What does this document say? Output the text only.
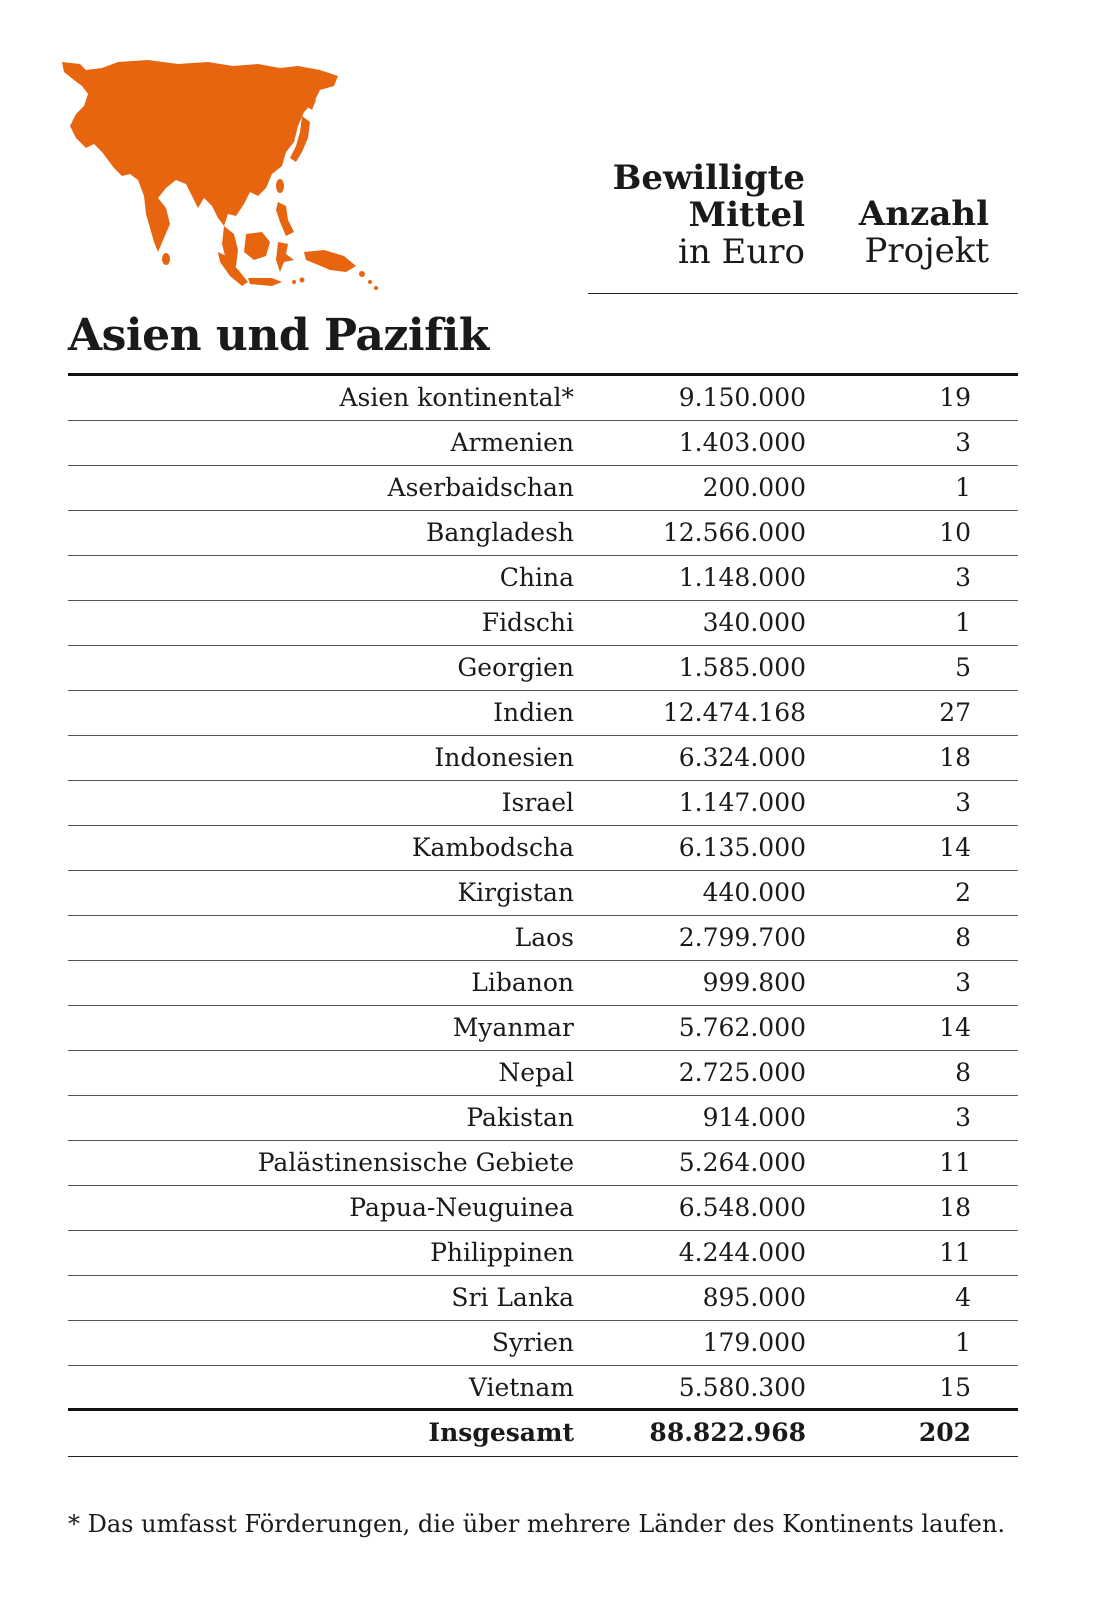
Bewilligte
Mittel
in Euro
Anzahl
Projekt
Asien und Pazifik
Asien kontinental*	9.150.000	19
Armenien	1.403.000	3
Aserbaidschan	200.000	1
Bangladesh	12.566.000	10
China	1.148.000	3
Fidschi	340.000	1
Georgien	1.585.000	5
Indien	12.474.168	27
Indonesien	6.324.000	18
Israel	1.147.000	3
Kambodscha	6.135.000	14
Kirgistan	440.000	2
Laos	2.799.700	8
Libanon	999.800	3
Myanmar	5.762.000	14
Nepal	2.725.000	8
Pakistan	914.000	3
Palästinensische Gebiete	5.264.000	11
Papua-Neuguinea	6.548.000	18
Philippinen	4.244.000	11
Sri Lanka	895.000	4
Syrien	179.000	1
Vietnam	5.580.300	15
Insgesamt	88.822.968	202
* Das umfasst Förderungen, die über mehrere Länder des Kontinents laufen.
